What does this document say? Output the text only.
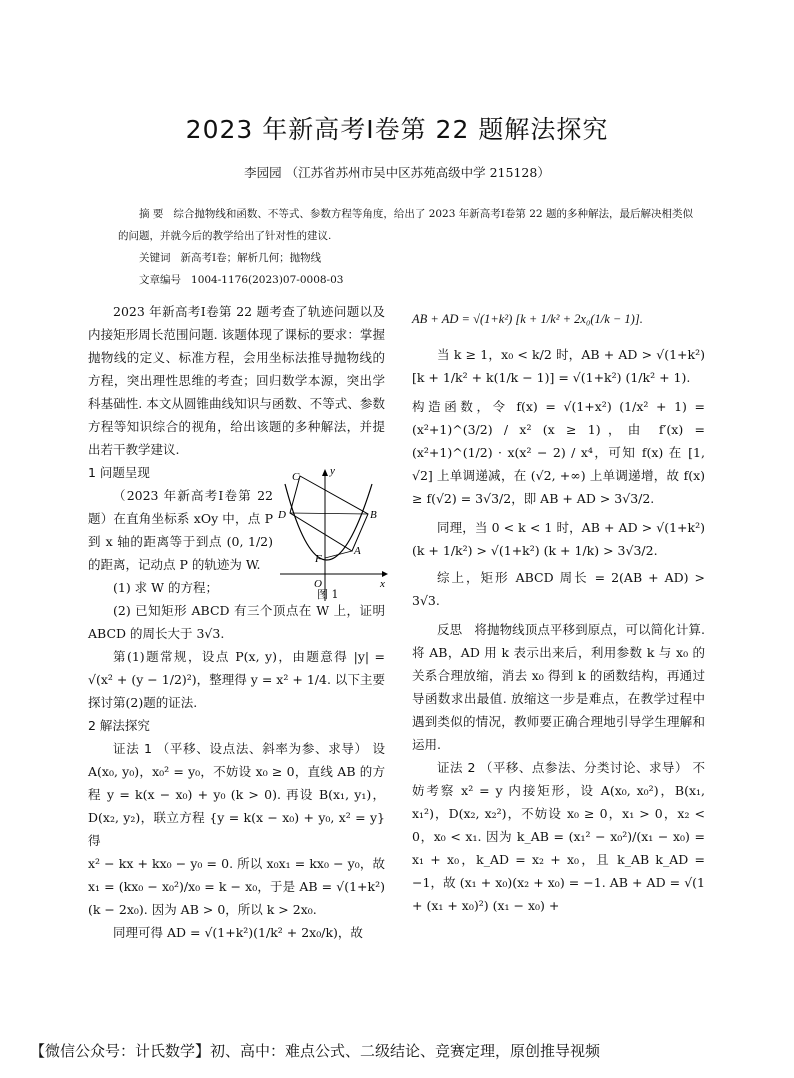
2023 年新高考Ⅰ卷第 22 题解法探究
李园园 （江苏省苏州市吴中区苏苑高级中学 215128）
摘 要 综合抛物线和函数、不等式、参数方程等角度，给出了 2023 年新高考Ⅰ卷第 22 题的多种解法，最后解决相类似的问题，并就今后的教学给出了针对性的建议.
关键词 新高考Ⅰ卷；解析几何；抛物线
文章编号 1004-1176(2023)07-0008-03

2023 年新高考Ⅰ卷第 22 题考查了轨迹问题以及内接矩形周长范围问题. 该题体现了课标的要求：掌握抛物线的定义、标准方程，会用坐标法推导抛物线的方程，突出理性思维的考查；回归数学本源，突出学科基础性. 本文从圆锥曲线知识与函数、不等式、参数方程等知识综合的视角，给出该题的多种解法，并提出若干教学建议.

1 问题呈现

（2023 年新高考Ⅰ卷第 22 题）在直角坐标系 xOy 中，点 P 到 x 轴的距离等于到点 (0, 1/2) 的距离，记动点 P 的轨迹为 W.

(1) 求 W 的方程；

(2) 已知矩形 ABCD 有三个顶点在 W 上，证明 ABCD 的周长大于 3√3.

第(1)题常规，设点 P(x, y)，由题意得 |y| = √(x² + (y − 1/2)²)，整理得 y = x² + 1/4. 以下主要探讨第(2)题的证法.

2 解法探究

证法 1 （平移、设点法、斜率为参、求导） 设 A(x₀, y₀)，x₀² = y₀，不妨设 x₀ ≥ 0，直线 AB 的方程 y = k(x − x₀) + y₀ (k > 0). 再设 B(x₁, y₁)，D(x₂, y₂)，联立方程 {y = k(x − x₀) + y₀, x² = y} 得

x² − kx + kx₀ − y₀ = 0. 所以 x₀x₁ = kx₀ − y₀，故 x₁ = (kx₀ − x₀²)/x₀ = k − x₀，于是 AB = √(1+k²)(k − 2x₀). 因为 AB > 0，所以 k > 2x₀.

同理可得 AD = √(1+k²)(1/k² + 2x₀/k)，故

C	y
D	B
F
A
O	x
图 1

AB + AD = √(1+k²) [k + 1/k² + 2x₀(1/k − 1)].

当 k ≥ 1，x₀ < k/2 时，AB + AD > √(1+k²) [k + 1/k² + k(1/k − 1)] = √(1+k²) (1/k² + 1).

构造函数，令 f(x) = √(1+x²) (1/x² + 1) = (x²+1)^(3/2) / x² (x ≥ 1)，由 f′(x) = (x²+1)^(1/2) · x(x² − 2) / x⁴，可知 f(x) 在 [1, √2] 上单调递减，在 (√2, +∞) 上单调递增，故 f(x) ≥ f(√2) = 3√3/2，即 AB + AD > 3√3/2.

同理，当 0 < k < 1 时，AB + AD > √(1+k²) (k + 1/k²) > √(1+k²) (k + 1/k) > 3√3/2.

综上，矩形 ABCD 周长 = 2(AB + AD) > 3√3.

反思 将抛物线顶点平移到原点，可以简化计算. 将 AB，AD 用 k 表示出来后，利用参数 k 与 x₀ 的关系合理放缩，消去 x₀ 得到 k 的函数结构，再通过导函数求出最值. 放缩这一步是难点，在教学过程中遇到类似的情况，教师要正确合理地引导学生理解和运用.

证法 2 （平移、点参法、分类讨论、求导） 不妨考察 x² = y 内接矩形，设 A(x₀, x₀²)，B(x₁, x₁²)，D(x₂, x₂²)，不妨设 x₀ ≥ 0，x₁ > 0，x₂ < 0，x₀ < x₁. 因为 k_AB = (x₁² − x₀²)/(x₁ − x₀) = x₁ + x₀，k_AD = x₂ + x₀，且 k_AB k_AD = −1，故 (x₁ + x₀)(x₂ + x₀) = −1. AB + AD = √(1 + (x₁ + x₀)²) (x₁ − x₀) +

【微信公众号：计氏数学】初、高中：难点公式、二级结论、竞赛定理，原创推导视频
